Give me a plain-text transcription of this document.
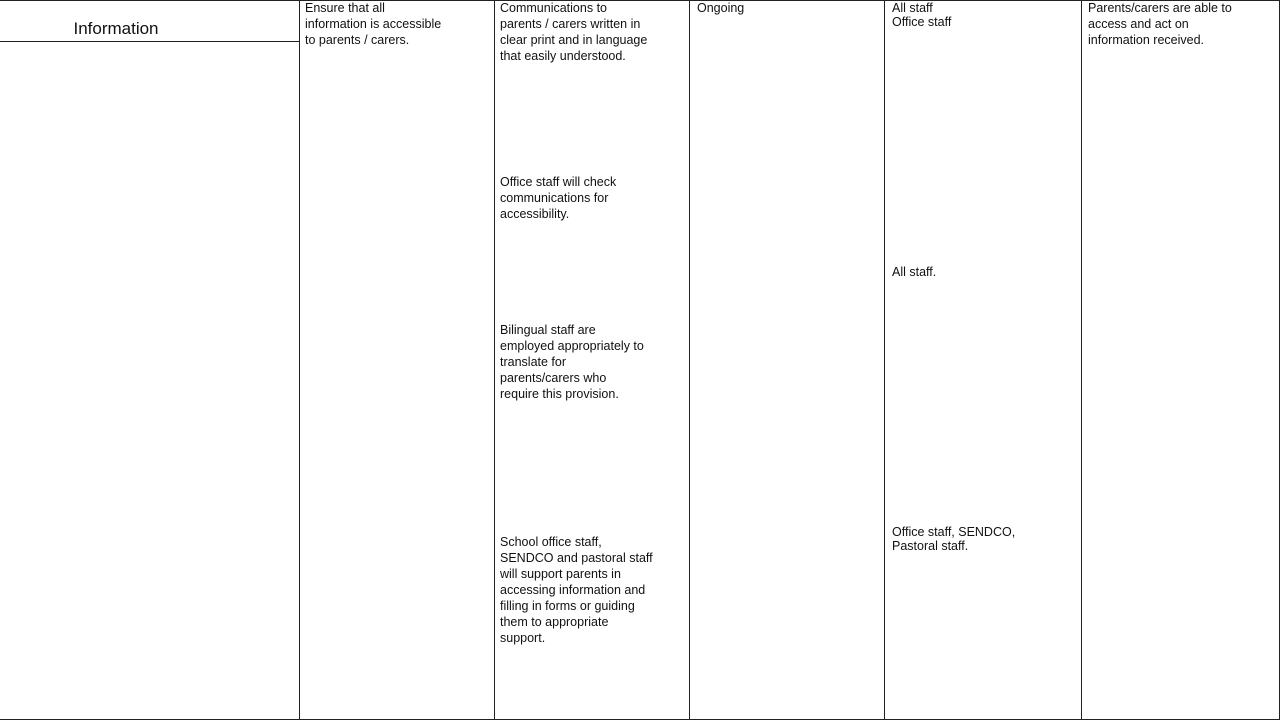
Information
Ensure that all
information is accessible
to parents / carers.
Communications to
parents / carers written in
clear print and in language
that easily understood.
Office staff will check
communications for
accessibility.
Bilingual staff are
employed appropriately to
translate for
parents/carers who
require this provision.
School office staff,
SENDCO and pastoral staff
will support parents in
accessing information and
filling in forms or guiding
them to appropriate
support.
Ongoing	All staff
Office staff
All staff.
Office staff, SENDCO,
Pastoral staff.
Parents/carers are able to
access and act on
information received.
